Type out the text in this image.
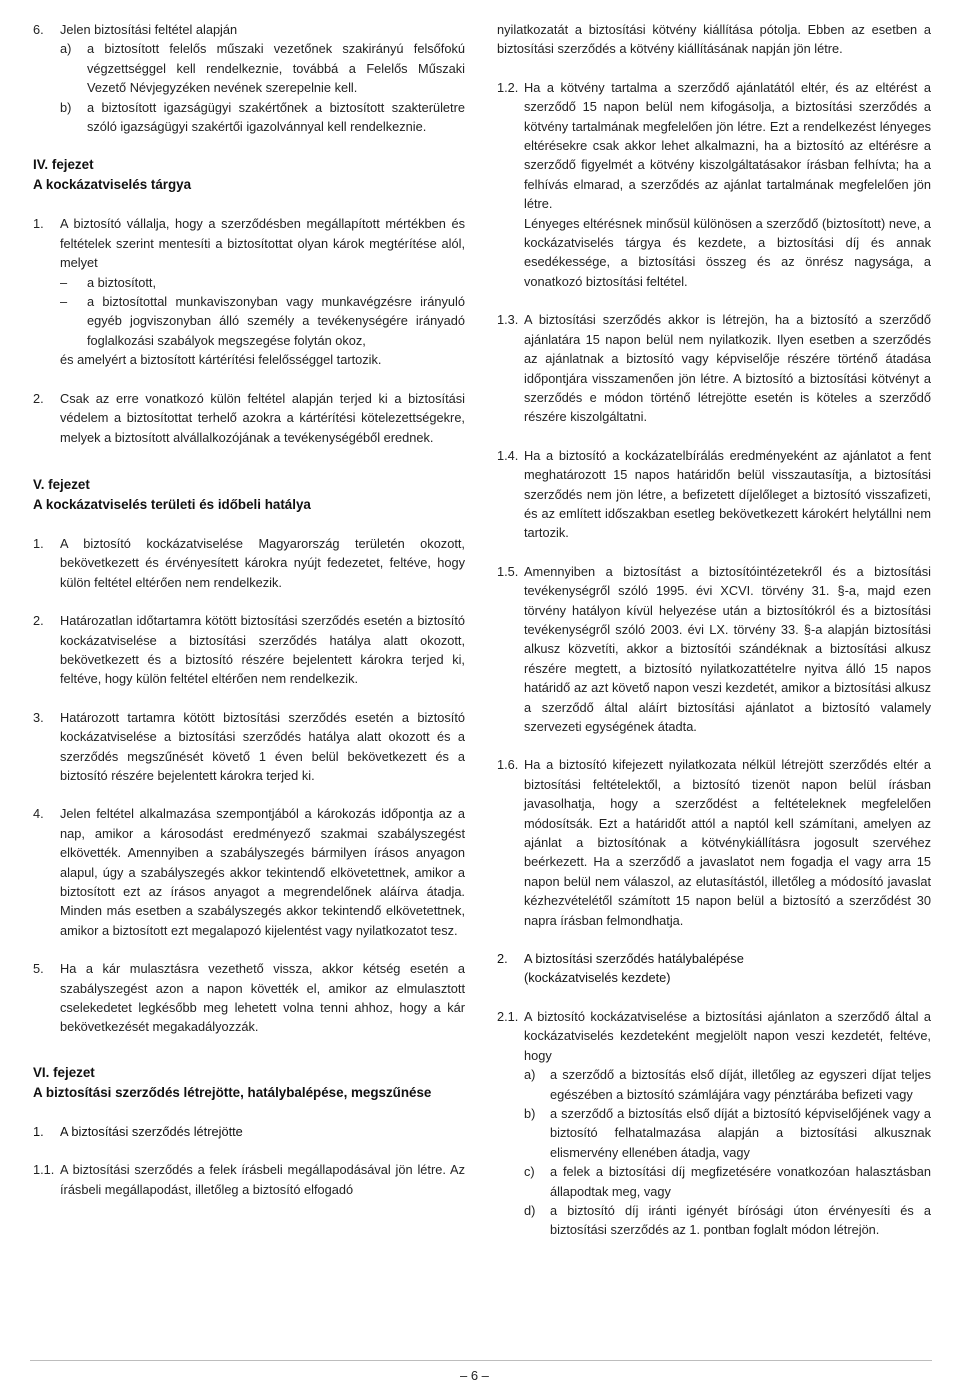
6.	Jelen biztosítási feltétel alapján

a)	a biztosított felelős műszaki vezetőnek szakirányú felsőfokú végzettséggel kell rendelkeznie, továbbá a Felelős Műszaki Vezető Névjegyzéken nevének szerepelnie kell.

b)	a biztosított igazságügyi szakértőnek a biztosított szakterületre szóló igazságügyi szakértői igazolvánnyal kell rendelkeznie.

IV. fejezet
A kockázatviselés tárgya
1.	A biztosító vállalja, hogy a szerződésben megállapított mértékben és feltételek szerint mentesíti a biztosítottat olyan károk megtérítése alól, melyet

–	a biztosított,

–	a biztosítottal munkaviszonyban vagy munkavégzésre irányuló egyéb jogviszonyban álló személy a tevékenységére irányadó foglalkozási szabályok megszegése folytán okoz,

és amelyért a biztosított kártérítési felelősséggel tartozik.

2.	Csak az erre vonatkozó külön feltétel alapján terjed ki a biztosítási védelem a biztosítottat terhelő azokra a kártérítési kötelezettségekre, melyek a biztosított alvállalkozójának a tevékenységéből erednek.

V. fejezet
A kockázatviselés területi és időbeli hatálya
1.	A biztosító kockázatviselése Magyarország területén okozott, bekövetkezett és érvényesített károkra nyújt fedezetet, feltéve, hogy külön feltétel eltérően nem rendelkezik.

2.	Határozatlan időtartamra kötött biztosítási szerződés esetén a biztosító kockázatviselése a biztosítási szerződés hatálya alatt okozott, bekövetkezett és a biztosító részére bejelentett károkra terjed ki, feltéve, hogy külön feltétel eltérően nem rendelkezik.

3.	Határozott tartamra kötött biztosítási szerződés esetén a biztosító kockázatviselése a biztosítási szerződés hatálya alatt okozott és a szerződés megszűnését követő 1 éven belül bekövetkezett és a biztosító részére bejelentett károkra terjed ki.

4.	Jelen feltétel alkalmazása szempontjából a károkozás időpontja az a nap, amikor a károsodást eredményező szakmai szabályszegést elkövették. Amennyiben a szabályszegés bármilyen írásos anyagon alapul, úgy a szabályszegés akkor tekintendő elkövetettnek, amikor a biztosított ezt az írásos anyagot a megrendelőnek aláírva átadja. Minden más esetben a szabályszegés akkor tekintendő elkövetettnek, amikor a biztosított ezt megalapozó kijelentést vagy nyilatkozatot tesz.

5.	Ha a kár mulasztásra vezethető vissza, akkor kétség esetén a szabályszegést azon a napon követték el, amikor az elmulasztott cselekedetet legkésőbb meg lehetett volna tenni ahhoz, hogy a kár bekövetkezését megakadályozzák.

VI. fejezet
A biztosítási szerződés létrejötte, hatálybalépése, megszűnése
1.	A biztosítási szerződés létrejötte
1.1. A biztosítási szerződés a felek írásbeli megállapodásával jön létre. Az írásbeli megállapodást, illetőleg a biztosító elfogadó

nyilatkozatát a biztosítási kötvény kiállítása pótolja. Ebben az esetben a biztosítási szerződés a kötvény kiállításának napján jön létre.

1.2. Ha a kötvény tartalma a szerződő ajánlatától eltér, és az eltérést a szerződő 15 napon belül nem kifogásolja, a biztosítási szerződés a kötvény tartalmának megfelelően jön létre. Ezt a rendelkezést lényeges eltérésekre csak akkor lehet alkalmazni, ha a biztosító az eltérésre a szerződő figyelmét a kötvény kiszolgáltatásakor írásban felhívta; ha a felhívás elmarad, a szerződés az ajánlat tartalmának megfelelően jön létre.

Lényeges eltérésnek minősül különösen a szerződő (biztosított) neve, a kockázatviselés tárgya és kezdete, a biztosítási díj és annak esedékessége, a biztosítási összeg és az önrész nagysága, a vonatkozó biztosítási feltétel.

1.3. A biztosítási szerződés akkor is létrejön, ha a biztosító a szerződő ajánlatára 15 napon belül nem nyilatkozik. Ilyen esetben a szerződés az ajánlatnak a biztosító vagy képviselője részére történő átadása időpontjára visszamenően jön létre. A biztosító a biztosítási kötvényt a szerződés e módon történő létrejötte esetén is köteles a szerződő részére kiszolgáltatni.

1.4. Ha a biztosító a kockázatelbírálás eredményeként az ajánlatot a fent meghatározott 15 napos határidőn belül visszautasítja, a biztosítási szerződés nem jön létre, a befizetett díjelőleget a biztosító visszafizeti, és az említett időszakban esetleg bekövetkezett károkért helytállni nem tartozik.

1.5. Amennyiben a biztosítást a biztosítóintézetekről és a biztosítási tevékenységről szóló 1995. évi XCVI. törvény 31. §-a, majd ezen törvény hatályon kívül helyezése után a biztosítókról és a biztosítási tevékenységről szóló 2003. évi LX. törvény 33. §-a alapján biztosítási alkusz közvetíti, akkor a biztosítói szándéknak a biztosítási alkusz részére megtett, a biztosító nyilatkozattételre nyitva álló 15 napos határidő az azt követő napon veszi kezdetét, amikor a biztosítási alkusz a szerződő által aláírt biztosítási ajánlatot a biztosító valamely szervezeti egységének átadta.

1.6. Ha a biztosító kifejezett nyilatkozata nélkül létrejött szerződés eltér a biztosítási feltételektől, a biztosító tizenöt napon belül írásban javasolhatja, hogy a szerződést a feltételeknek megfelelően módosítsák. Ezt a határidőt attól a naptól kell számítani, amelyen az ajánlat a biztosítónak a kötvénykiállításra jogosult szervéhez beérkezett. Ha a szerződő a javaslatot nem fogadja el vagy arra 15 napon belül nem válaszol, az elutasítástól, illetőleg a módosító javaslat kézhezvételétől számított 15 napon belül a biztosító a szerződést 30 napra írásban felmondhatja.

2.	A biztosítási szerződés hatálybalépése
(kockázatviselés kezdete)
2.1. A biztosító kockázatviselése a biztosítási ajánlaton a szerződő által a kockázatviselés kezdeteként megjelölt napon veszi kezdetét, feltéve, hogy

a)	a szerződő a biztosítás első díját, illetőleg az egyszeri díjat teljes egészében a biztosító számlájára vagy pénztárába befizeti vagy

b)	a szerződő a biztosítás első díját a biztosító képviselőjének vagy a biztosító felhatalmazása alapján a biztosítási alkusznak elismervény ellenében átadja, vagy

c)	a felek a biztosítási díj megfizetésére vonatkozóan halasztásban állapodtak meg, vagy

d)	a biztosító díj iránti igényét bírósági úton érvényesíti és a biztosítási szerződés az 1. pontban foglalt módon létrejön.

– 6 –
